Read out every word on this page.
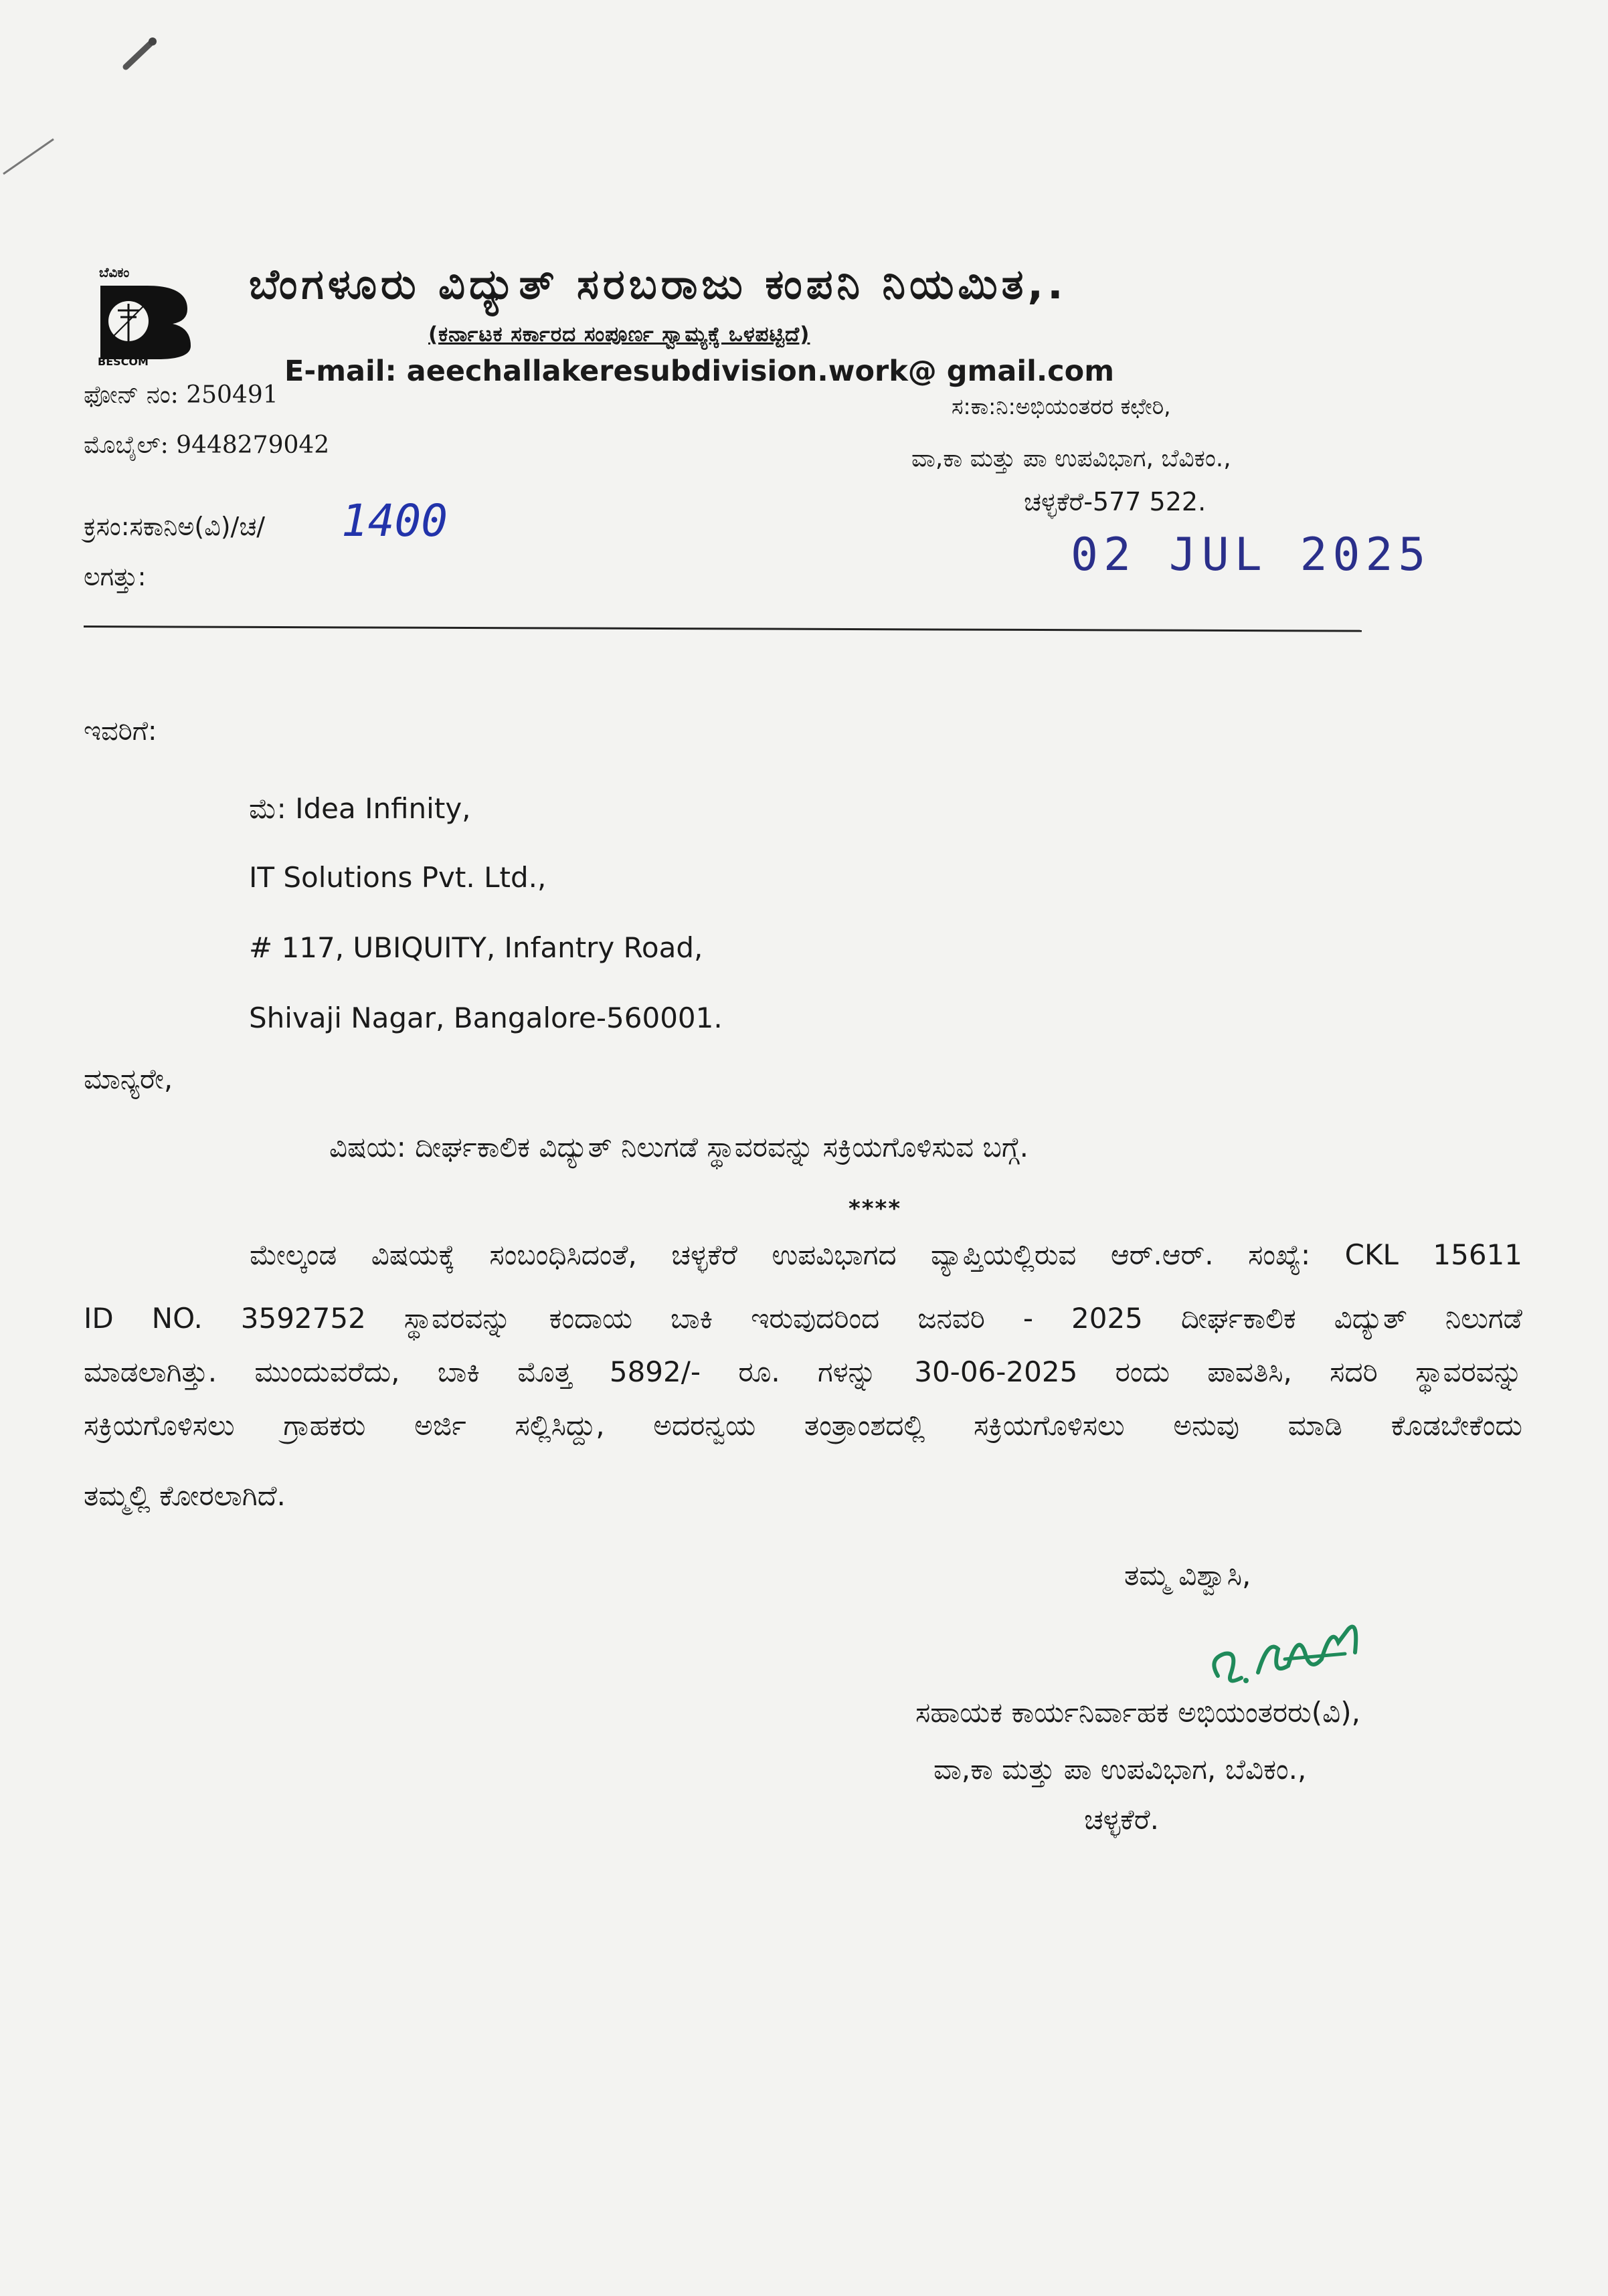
ಬೆವಿಕಂ
BESCOM
ಬೆಂಗಳೂರು ವಿದ್ಯುತ್ ಸರಬರಾಜು ಕಂಪನಿ ನಿಯಮಿತ,.
(ಕರ್ನಾಟಕ ಸರ್ಕಾರದ ಸಂಪೂರ್ಣ ಸ್ವಾಮ್ಯಕ್ಕೆ ಒಳಪಟ್ಟಿದೆ)
E-mail: aeechallakeresubdivision.work@ gmail.com
ಫೋನ್ ನಂ: 250491
ಮೊಬೈಲ್: 9448279042
ಕ್ರಸಂ:ಸಕಾನಿಅ(ವಿ)/ಚ/ 1400
ಲಗತ್ತು:
ಸ:ಕಾ:ನಿ:ಅಭಿಯಂತರರ ಕಛೇರಿ,
ವಾ,ಕಾ ಮತ್ತು ಪಾ ಉಪವಿಭಾಗ, ಬೆವಿಕಂ.,
ಚಳ್ಳಕೆರೆ-577 522.
02 JUL 2025
ಇವರಿಗೆ:
ಮೆ: Idea Infinity,
IT Solutions Pvt. Ltd.,
# 117, UBIQUITY, Infantry Road,
Shivaji Nagar, Bangalore-560001.
ಮಾನ್ಯರೇ,
ವಿಷಯ: ದೀರ್ಘಕಾಲಿಕ ವಿದ್ಯುತ್ ನಿಲುಗಡೆ ಸ್ಥಾವರವನ್ನು ಸಕ್ರಿಯಗೊಳಿಸುವ ಬಗ್ಗೆ.
****
ಮೇಲ್ಕಂಡ ವಿಷಯಕ್ಕೆ ಸಂಬಂಧಿಸಿದಂತೆ, ಚಳ್ಳಕೆರೆ ಉಪವಿಭಾಗದ ವ್ಯಾಪ್ತಿಯಲ್ಲಿರುವ ಆರ್.ಆರ್. ಸಂಖ್ಯೆ: CKL 15611
ID NO. 3592752 ಸ್ಥಾವರವನ್ನು ಕಂದಾಯ ಬಾಕಿ ಇರುವುದರಿಂದ ಜನವರಿ - 2025 ದೀರ್ಘಕಾಲಿಕ ವಿದ್ಯುತ್ ನಿಲುಗಡೆ
ಮಾಡಲಾಗಿತ್ತು. ಮುಂದುವರೆದು, ಬಾಕಿ ಮೊತ್ತ 5892/- ರೂ. ಗಳನ್ನು 30-06-2025 ರಂದು ಪಾವತಿಸಿ, ಸದರಿ ಸ್ಥಾವರವನ್ನು
ಸಕ್ರಿಯಗೊಳಿಸಲು ಗ್ರಾಹಕರು ಅರ್ಜಿ ಸಲ್ಲಿಸಿದ್ದು, ಅದರನ್ವಯ ತಂತ್ರಾಂಶದಲ್ಲಿ ಸಕ್ರಿಯಗೊಳಿಸಲು ಅನುವು ಮಾಡಿ ಕೊಡಬೇಕೆಂದು
ತಮ್ಮಲ್ಲಿ ಕೋರಲಾಗಿದೆ.
ತಮ್ಮ ವಿಶ್ವಾಸಿ,
ಸಹಾಯಕ ಕಾರ್ಯನಿರ್ವಾಹಕ ಅಭಿಯಂತರರು(ವಿ),
ವಾ,ಕಾ ಮತ್ತು ಪಾ ಉಪವಿಭಾಗ, ಬೆವಿಕಂ.,
ಚಳ್ಳಕೆರೆ.
